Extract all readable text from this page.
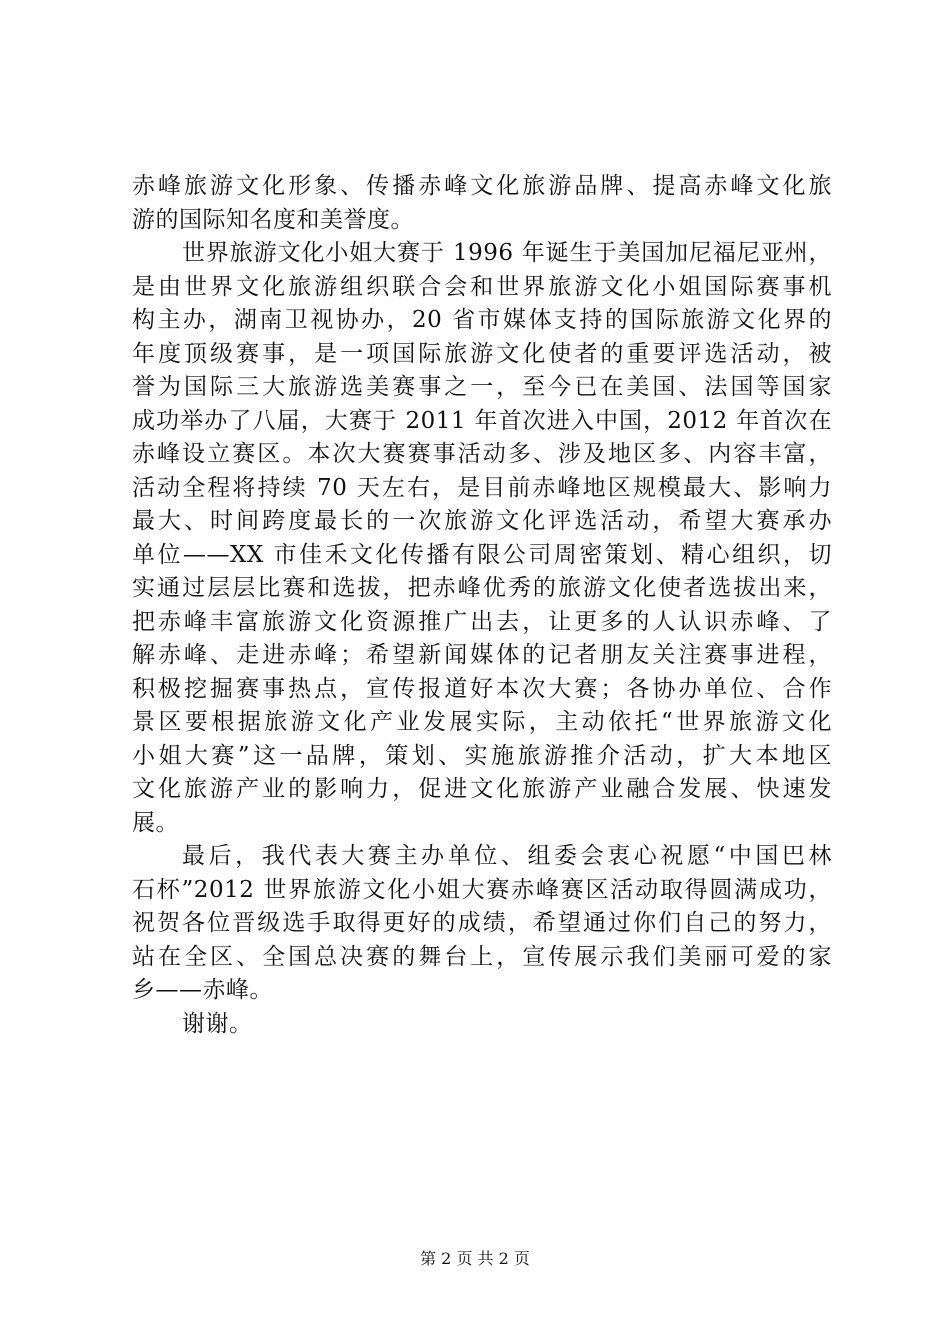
赤峰旅游文化形象、传播赤峰文化旅游品牌、提高赤峰文化旅
游的国际知名度和美誉度。
世界旅游文化小姐大赛于 1996 年诞生于美国加尼福尼亚州，
是由世界文化旅游组织联合会和世界旅游文化小姐国际赛事机
构主办，湖南卫视协办，20 省市媒体支持的国际旅游文化界的
年度顶级赛事，是一项国际旅游文化使者的重要评选活动，被
誉为国际三大旅游选美赛事之一，至今已在美国、法国等国家
成功举办了八届，大赛于 2011 年首次进入中国，2012 年首次在
赤峰设立赛区。本次大赛赛事活动多、涉及地区多、内容丰富，
活动全程将持续 70 天左右，是目前赤峰地区规模最大、影响力
最大、时间跨度最长的一次旅游文化评选活动，希望大赛承办
单位——XX 市佳禾文化传播有限公司周密策划、精心组织，切
实通过层层比赛和选拔，把赤峰优秀的旅游文化使者选拔出来，
把赤峰丰富旅游文化资源推广出去，让更多的人认识赤峰、了
解赤峰、走进赤峰；希望新闻媒体的记者朋友关注赛事进程，
积极挖掘赛事热点，宣传报道好本次大赛；各协办单位、合作
景区要根据旅游文化产业发展实际，主动依托“世界旅游文化
小姐大赛”这一品牌，策划、实施旅游推介活动，扩大本地区
文化旅游产业的影响力，促进文化旅游产业融合发展、快速发
展。
最后，我代表大赛主办单位、组委会衷心祝愿“中国巴林
石杯”2012 世界旅游文化小姐大赛赤峰赛区活动取得圆满成功，
祝贺各位晋级选手取得更好的成绩，希望通过你们自己的努力，
站在全区、全国总决赛的舞台上，宣传展示我们美丽可爱的家
乡——赤峰。
谢谢。
第 2 页 共 2 页
